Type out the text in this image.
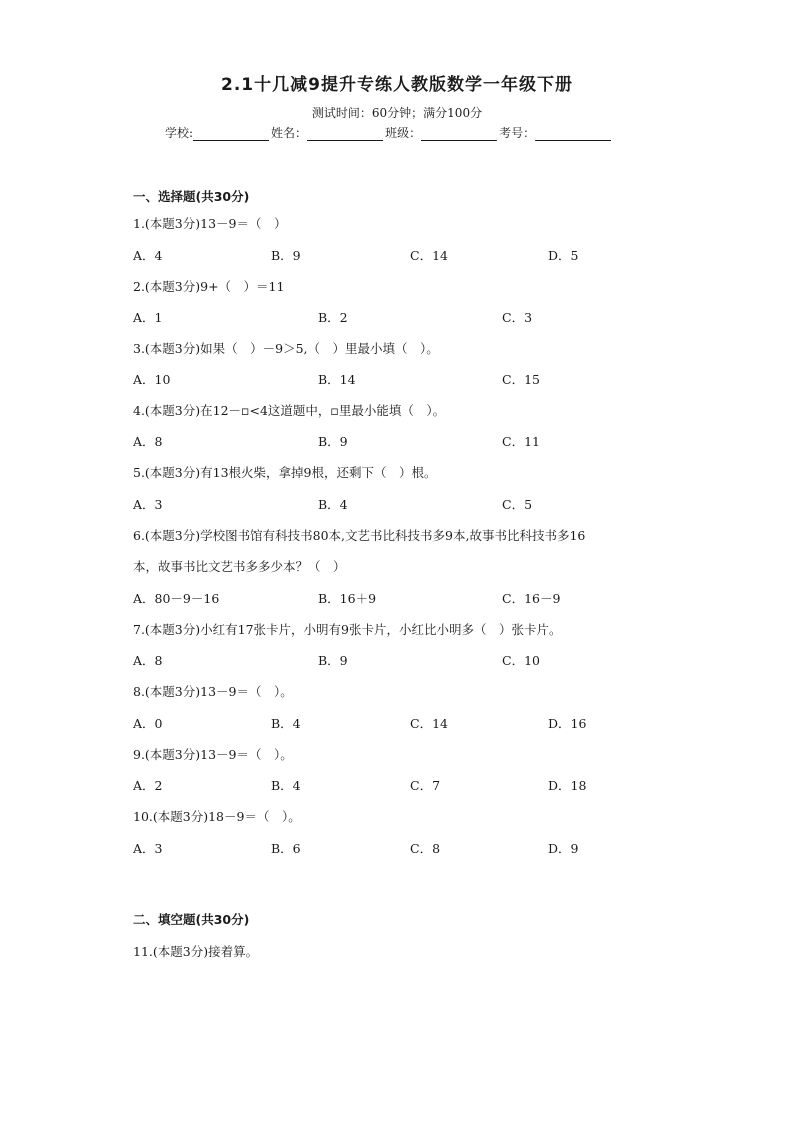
2.1十几减9提升专练人教版数学一年级下册
测试时间：60分钟；满分100分
学校:	姓名：	班级：	考号：
一、选择题(共30分)
1.(本题3分)13－9＝（　）
A．4	B．9	C．14	D．5
2.(本题3分)9+（　）＝11
A．1	B．2	C．3
3.(本题3分)如果（　）－9＞5,（　）里最小填（　）。
A．10	B．14	C．15
4.(本题3分)在12－▫<4这道题中，▫里最小能填（　）。
A．8	B．9	C．11
5.(本题3分)有13根火柴，拿掉9根，还剩下（　）根。
A．3	B．4	C．5
6.(本题3分)学校图书馆有科技书80本,文艺书比科技书多9本,故事书比科技书多16
本，故事书比文艺书多多少本？（　）
A．80－9－16	B．16＋9	C．16－9
7.(本题3分)小红有17张卡片，小明有9张卡片，小红比小明多（　）张卡片。
A．8	B．9	C．10
8.(本题3分)13－9＝（　）。
A．0	B．4	C．14	D．16
9.(本题3分)13－9＝（　）。
A．2	B．4	C．7	D．18
10.(本题3分)18－9＝（　）。
A．3	B．6	C．8	D．9
二、填空题(共30分)
11.(本题3分)接着算。
